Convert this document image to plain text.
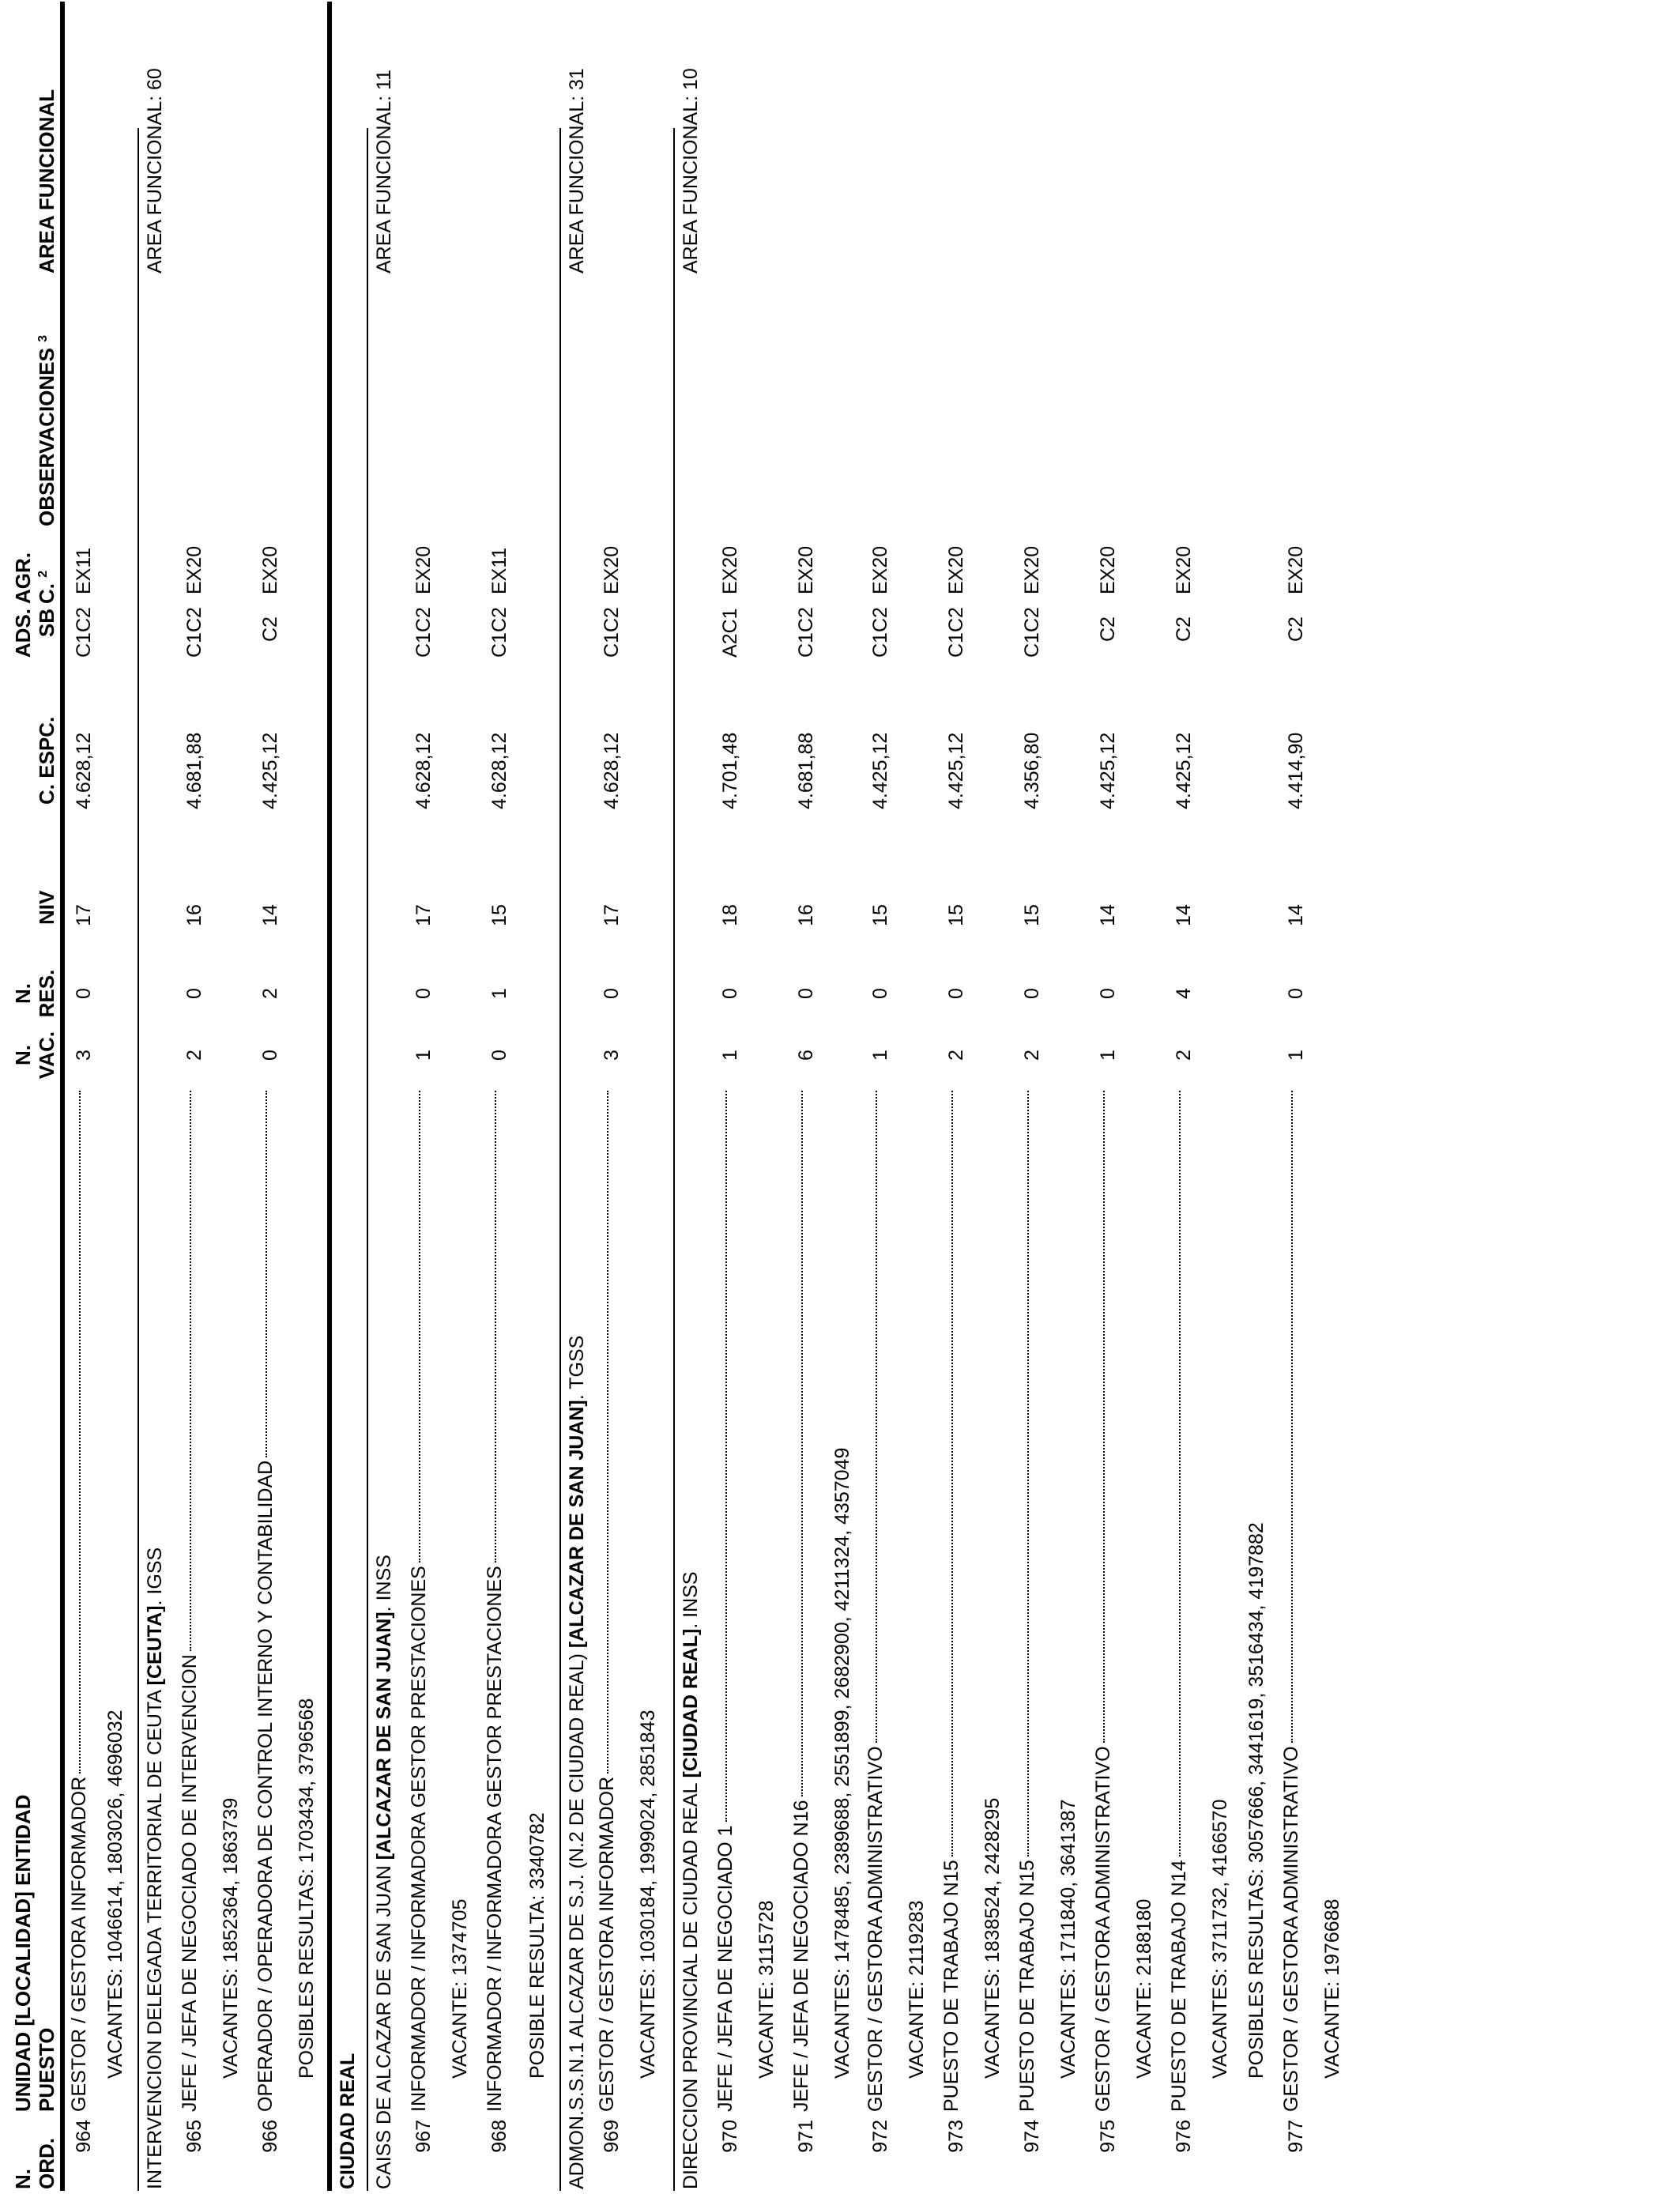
N. ORD.
UNIDAD [LOCALIDAD] ENTIDAD PUESTO
N. VAC.
N. RES.
NIV
C. ESPC.
ADS. SB
AGR. C. $^2$
OBSERVACIONES $^3$
AREA FUNCIONAL
964
GESTOR / GESTORA INFORMADOR
3
0
17
4.628,12
C1C2
EX11
VACANTES: 1046614, 1803026, 4696032 INTERVENCION DELEGADA TERRITORIAL DE CEUTA [CEUTA]. IGSS
AREA FUNCIONAL: 60
965
JEFE / JEFA DE NEGOCIADO DE INTERVENCION
2
0
16
4.681,88
C1C2
EX20
VACANTES: 1852364, 1863739
966
OPERADOR / OPERADORA DE CONTROL INTERNO Y CONTABILIDAD
0
2
14
4.425,12
C2
EX20
POSIBLES RESULTAS: 1703434, 3796568
CIUDAD REAL CAISS DE ALCAZAR DE SAN JUAN [ALCAZAR DE SAN JUAN]. INSS
AREA FUNCIONAL: 11
967
INFORMADOR / INFORMADORA GESTOR PRESTACIONES
1
0
17
4.628,12
C1C2
EX20
VACANTE: 1374705
968
INFORMADOR / INFORMADORA GESTOR PRESTACIONES
0
1
15
4.628,12
C1C2
EX11
POSIBLE RESULTA: 3340782 ADMON.S.S.N.1 ALCAZAR DE S.J. (N.2 DE CIUDAD REAL) [ALCAZAR DE SAN JUAN]. TGSS
AREA FUNCIONAL: 31
969
GESTOR / GESTORA INFORMADOR
3
0
17
4.628,12
C1C2
EX20
VACANTES: 1030184, 1999024, 2851843 DIRECCION PROVINCIAL DE CIUDAD REAL [CIUDAD REAL]. INSS
AREA FUNCIONAL: 10
970
JEFE / JEFA DE NEGOCIADO 1
1
0
18
4.701,48
A2C1
EX20
VACANTE: 3115728
971
JEFE / JEFA DE NEGOCIADO N16
6
0
16
4.681,88
C1C2
EX20
VACANTES: 1478485, 2389688, 2551899, 2682900, 4211324, 4357049
972
GESTOR / GESTORA ADMINISTRATIVO
1
0
15
4.425,12
C1C2
EX20
VACANTE: 2119283
973
PUESTO DE TRABAJO N15
2
0
15
4.425,12
C1C2
EX20
VACANTES: 1838524, 2428295
974
PUESTO DE TRABAJO N15
2
0
15
4.356,80
C1C2
EX20
VACANTES: 1711840, 3641387
975
GESTOR / GESTORA ADMINISTRATIVO
1
0
14
4.425,12
C2
EX20
VACANTE: 2188180
976
PUESTO DE TRABAJO N14
2
4
14
4.425,12
C2
EX20
VACANTES: 3711732, 4166570 POSIBLES RESULTAS: 3057666, 3441619, 3516434, 4197882
977
GESTOR / GESTORA ADMINISTRATIVO
1
0
14
4.414,90
C2
EX20
VACANTE: 1976688
